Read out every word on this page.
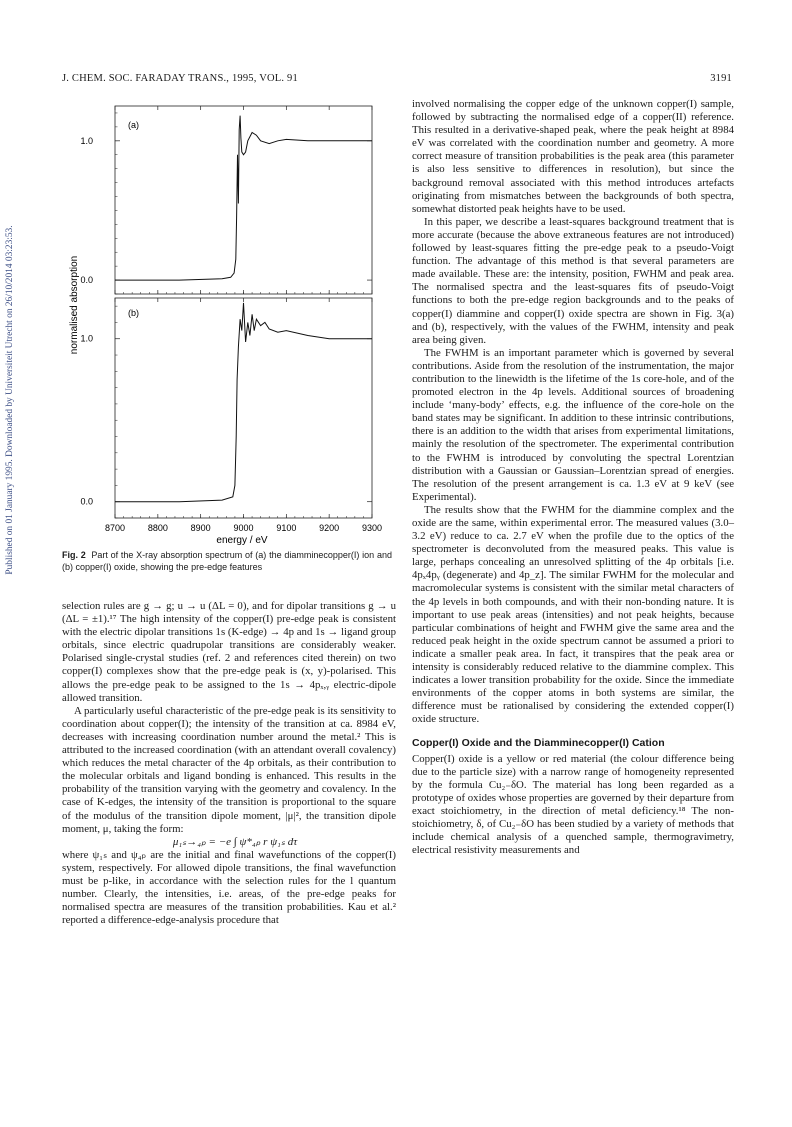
Published on 01 January 1995. Downloaded by Universiteit Utrecht on 26/10/2014 03:23:53.
J. CHEM. SOC. FARADAY TRANS., 1995, VOL. 91	3191
1.0
0.0
1.0
0.0
8700	8800	8900	9000	9100	9200	9300
(a)
(b)
normalised absorption
energy / eV
Fig. 2 Part of the X-ray absorption spectrum of (a) the diamminecopper(I) ion and (b) copper(I) oxide, showing the pre-edge features

selection rules are g → g; u → u (ΔL = 0), and for dipolar transitions g → u (ΔL = ±1).¹⁷ The high intensity of the copper(I) pre-edge peak is consistent with the electric dipolar transitions 1s (K-edge) → 4p and 1s → ligand group orbitals, since electric quadrupolar transitions are considerably weaker. Polarised single-crystal studies (ref. 2 and references cited therein) on two copper(I) complexes show that the pre-edge peak is (x, y)-polarised. This allows the pre-edge peak to be assigned to the 1s → 4pₓ,ᵧ electric-dipole allowed transition.

A particularly useful characteristic of the pre-edge peak is its sensitivity to coordination about copper(I); the intensity of the transition at ca. 8984 eV, decreases with increasing coordination number around the metal.² This is attributed to the increased coordination (with an attendant overall covalency) which reduces the metal character of the 4p orbitals, as their contribution to the molecular orbitals and ligand bonding is enhanced. This results in the probability of the transition varying with the geometry and covalency. In the case of K-edges, the intensity of the transition is proportional to the square of the modulus of the transition dipole moment, |μ|², the transition dipole moment, μ, taking the form:

μ₁ₛ→₄ₚ = −e ∫ ψ*₄ₚ r ψ₁ₛ dτ

where ψ₁ₛ and ψ₄ₚ are the initial and final wavefunctions of the copper(I) system, respectively. For allowed dipole transitions, the final wavefunction must be p-like, in accordance with the selection rules for the l quantum number. Clearly, the intensities, i.e. areas, of the pre-edge peaks for normalised spectra are measures of the transition probabilities. Kau et al.² reported a difference-edge-analysis procedure that

involved normalising the copper edge of the unknown copper(I) sample, followed by subtracting the normalised edge of a copper(II) reference. This resulted in a derivative-shaped peak, where the peak height at 8984 eV was correlated with the coordination number and geometry. A more correct measure of transition probabilities is the peak area (this parameter is also less sensitive to differences in resolution), but since the background removal associated with this method introduces artefacts originating from mismatches between the backgrounds of both spectra, somewhat distorted peak heights have to be used.

In this paper, we describe a least-squares background treatment that is more accurate (because the above extraneous features are not introduced) followed by least-squares fitting the pre-edge peak to a pseudo-Voigt function. The advantage of this method is that several parameters are made available. These are: the intensity, position, FWHM and peak area. The normalised spectra and the least-squares fits of pseudo-Voigt functions to both the pre-edge region backgrounds and to the peaks of copper(I) diammine and copper(I) oxide spectra are shown in Fig. 3(a) and (b), respectively, with the values of the FWHM, intensity and peak area being given.

The FWHM is an important parameter which is governed by several contributions. Aside from the resolution of the instrumentation, the major contribution to the linewidth is the lifetime of the 1s core-hole, and of the promoted electron in the 4p levels. Additional sources of broadening include ‘many-body’ effects, e.g. the influence of the core-hole on the band states may be significant. In addition to these intrinsic contributions, there is an addition to the width that arises from experimental limitations, mainly the resolution of the spectrometer. The experimental contribution to the FWHM is introduced by convoluting the spectral Lorentzian distribution with a Gaussian or Gaussian–Lorentzian spread of energies. The resolution of the present arrangement is ca. 1.3 eV at 9 keV (see Experimental).

The results show that the FWHM for the diammine complex and the oxide are the same, within experimental error. The measured values (3.0–3.2 eV) reduce to ca. 2.7 eV when the profile due to the optics of the spectrometer is deconvoluted from the measured peaks. This value is large, perhaps concealing an unresolved splitting of the 4p orbitals [i.e. 4pₓ4pᵧ (degenerate) and 4p_z]. The similar FWHM for the molecular and macromolecular systems is consistent with the similar metal characters of the 4p levels in both compounds, and with their non-bonding nature. It is important to use peak areas (intensities) and not peak heights, because particular combinations of height and FWHM give the same area and the reduced peak height in the oxide spectrum cannot be assumed a priori to indicate a smaller peak area. In fact, it transpires that the peak area or intensity is considerably reduced relative to the diammine complex. This indicates a lower transition probability for the oxide. Since the immediate environments of the copper atoms in both systems are similar, the difference must be rationalised by considering the extended copper(I) oxide structure.

Copper(I) Oxide and the Diamminecopper(I) Cation

Copper(I) oxide is a yellow or red material (the colour difference being due to the particle size) with a narrow range of homogeneity represented by the formula Cu₂₋δO. The material has long been regarded as a prototype of oxides whose properties are governed by their departure from exact stoichiometry, in the direction of metal deficiency.¹⁸ The non-stoichiometry, δ, of Cu₂₋δO has been studied by a variety of methods that include chemical analysis of a quenched sample, thermogravimetry, electrical resistivity measurements and
